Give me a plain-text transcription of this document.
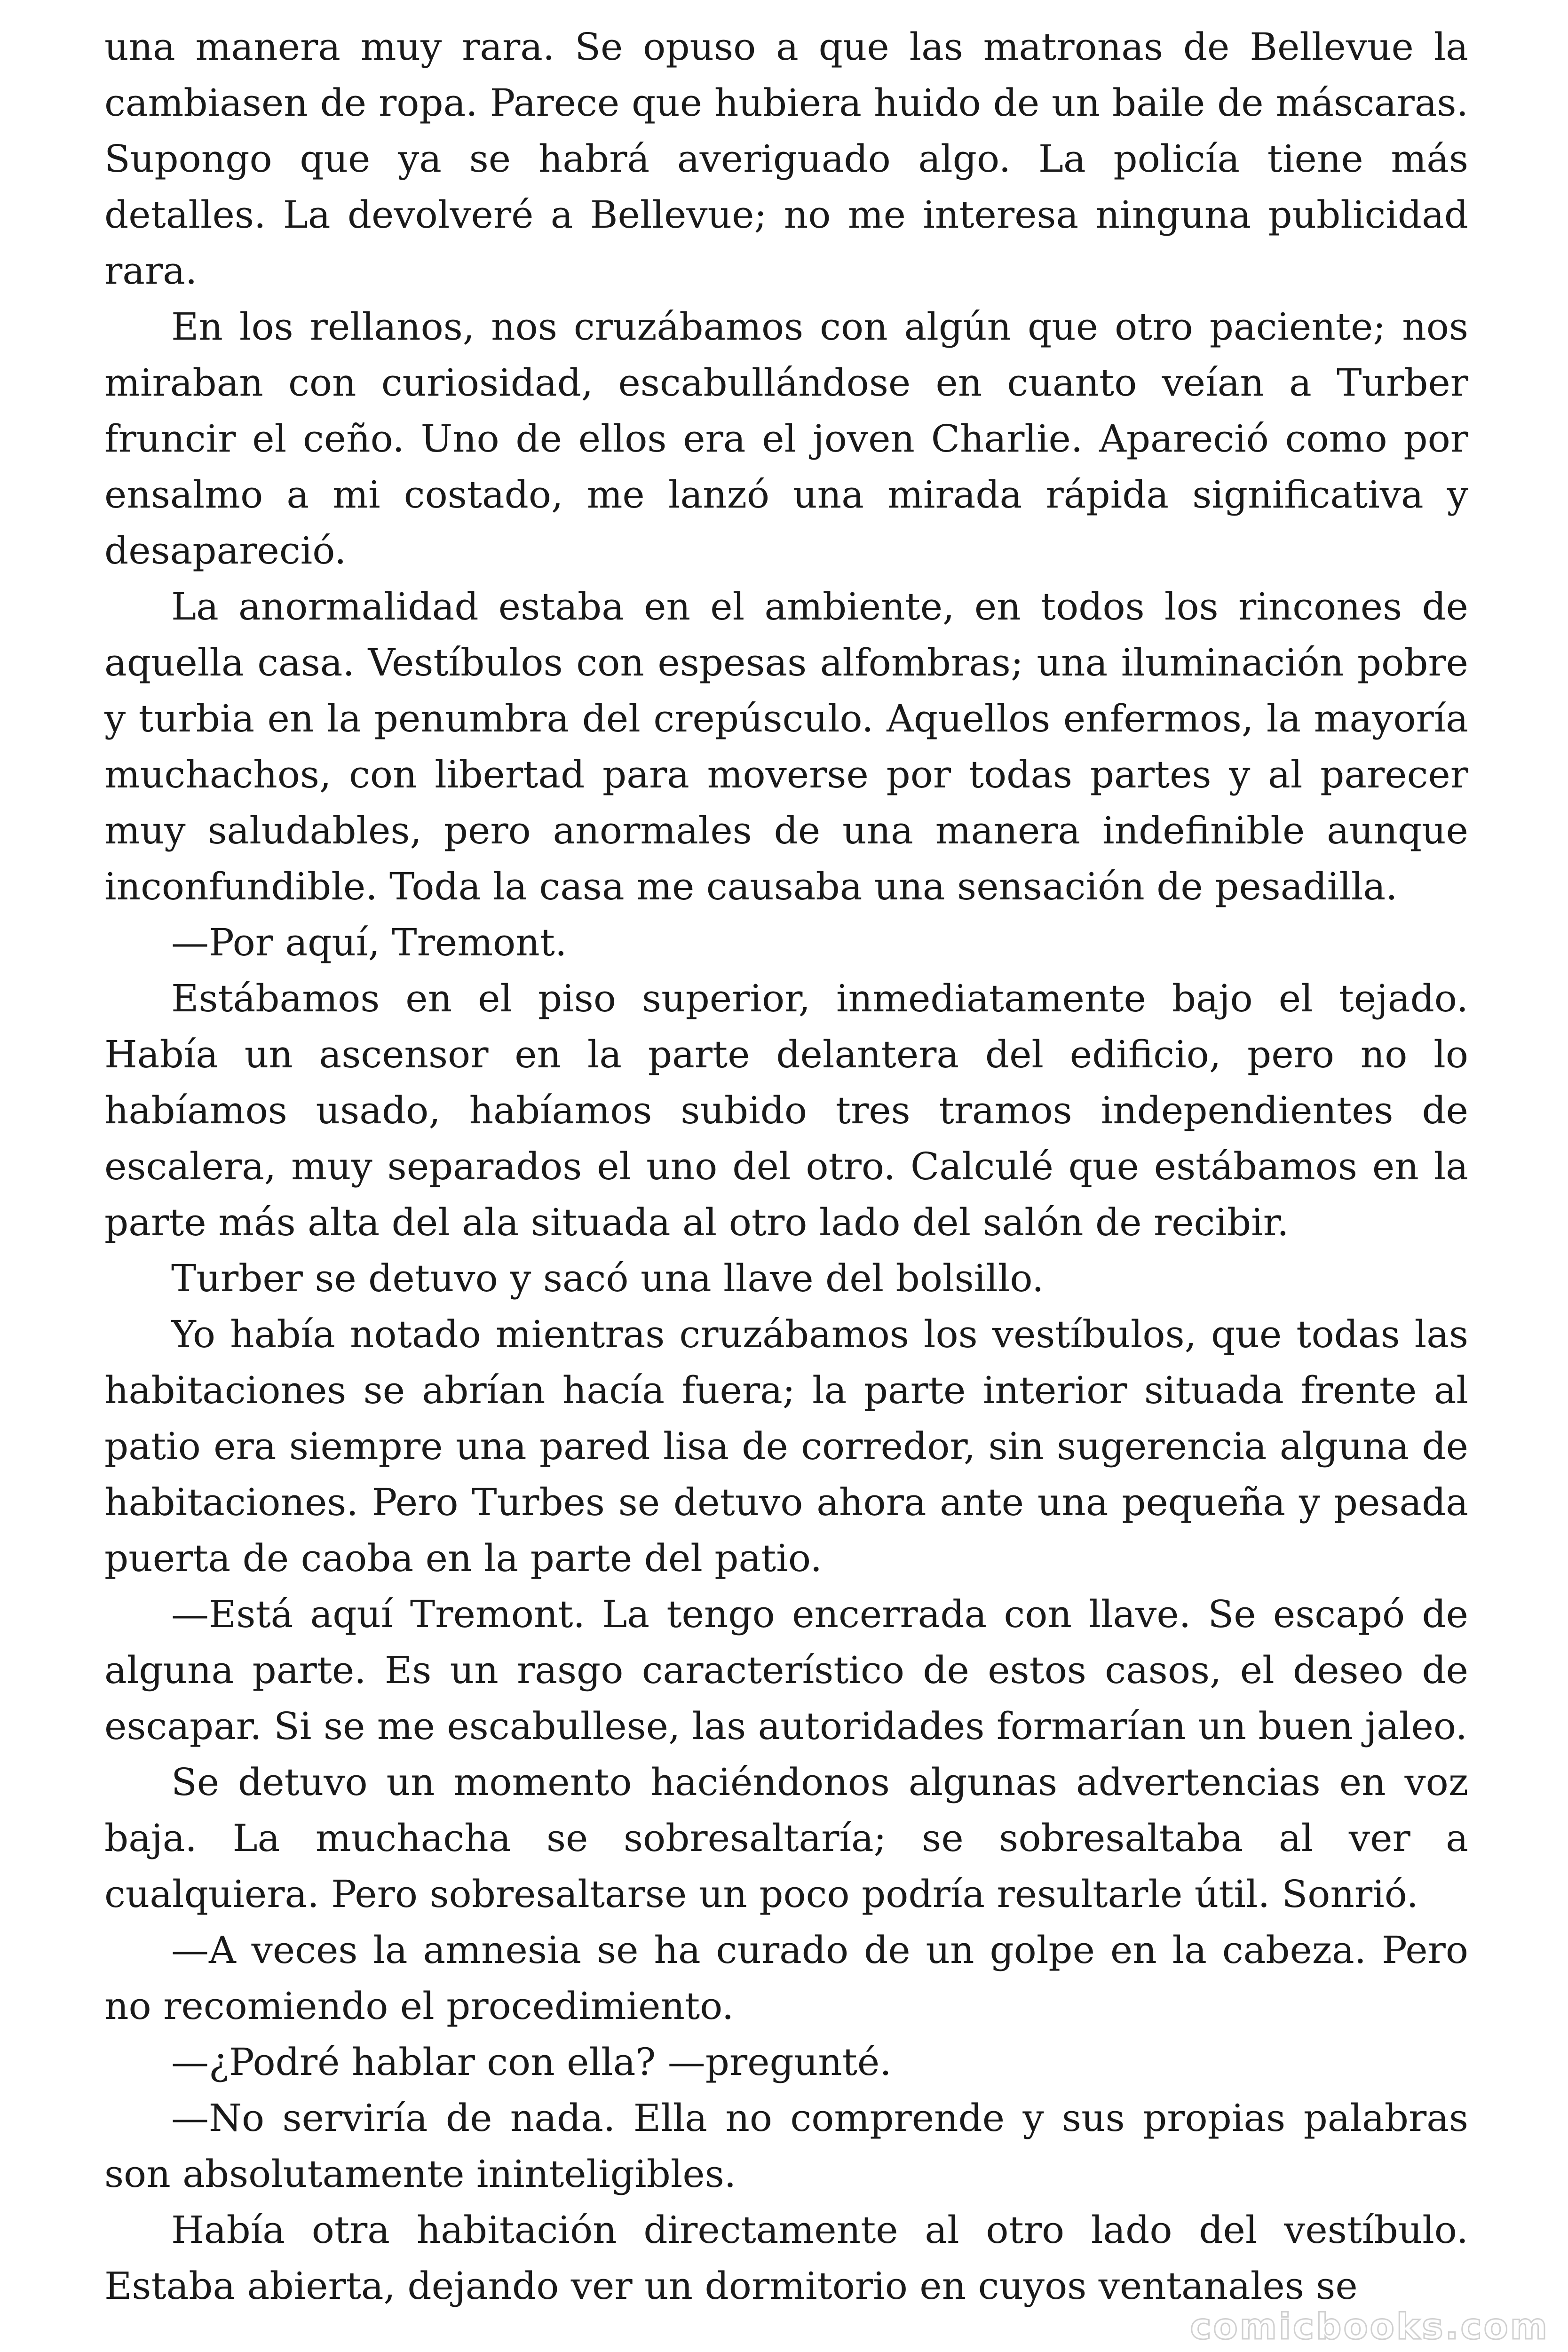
una manera muy rara. Se opuso a que las matronas de Bellevue la cambiasen de ropa. Parece que hubiera huido de un baile de máscaras. Supongo que ya se habrá averiguado algo. La policía tiene más detalles. La devolveré a Bellevue; no me interesa ninguna publicidad rara.

En los rellanos, nos cruzábamos con algún que otro paciente; nos miraban con curiosidad, escabullándose en cuanto veían a Turber fruncir el ceño. Uno de ellos era el joven Charlie. Apareció como por ensalmo a mi costado, me lanzó una mirada rápida significativa y desapareció.

La anormalidad estaba en el ambiente, en todos los rincones de aquella casa. Vestíbulos con espesas alfombras; una iluminación pobre y turbia en la penumbra del crepúsculo. Aquellos enfermos, la mayoría muchachos, con libertad para moverse por todas partes y al parecer muy saludables, pero anormales de una manera indefinible aunque inconfundible. Toda la casa me causaba una sensación de pesadilla.

—Por aquí, Tremont.

Estábamos en el piso superior, inmediatamente bajo el tejado. Había un ascensor en la parte delantera del edificio, pero no lo habíamos usado, habíamos subido tres tramos independientes de escalera, muy separados el uno del otro. Calculé que estábamos en la parte más alta del ala situada al otro lado del salón de recibir.

Turber se detuvo y sacó una llave del bolsillo.

Yo había notado mientras cruzábamos los vestíbulos, que todas las habitaciones se abrían hacía fuera; la parte interior situada frente al patio era siempre una pared lisa de corredor, sin sugerencia alguna de habitaciones. Pero Turbes se detuvo ahora ante una pequeña y pesada puerta de caoba en la parte del patio.

—Está aquí Tremont. La tengo encerrada con llave. Se escapó de alguna parte. Es un rasgo característico de estos casos, el deseo de escapar. Si se me escabullese, las autoridades formarían un buen jaleo.

Se detuvo un momento haciéndonos algunas advertencias en voz baja. La muchacha se sobresaltaría; se sobresaltaba al ver a cualquiera. Pero sobresaltarse un poco podría resultarle útil. Sonrió.

—A veces la amnesia se ha curado de un golpe en la cabeza. Pero no recomiendo el procedimiento.

—¿Podré hablar con ella? —pregunté.

—No serviría de nada. Ella no comprende y sus propias palabras son absolutamente ininteligibles.

Había otra habitación directamente al otro lado del vestíbulo. Estaba abierta, dejando ver un dormitorio en cuyos ventanales se

comicbooks.com
